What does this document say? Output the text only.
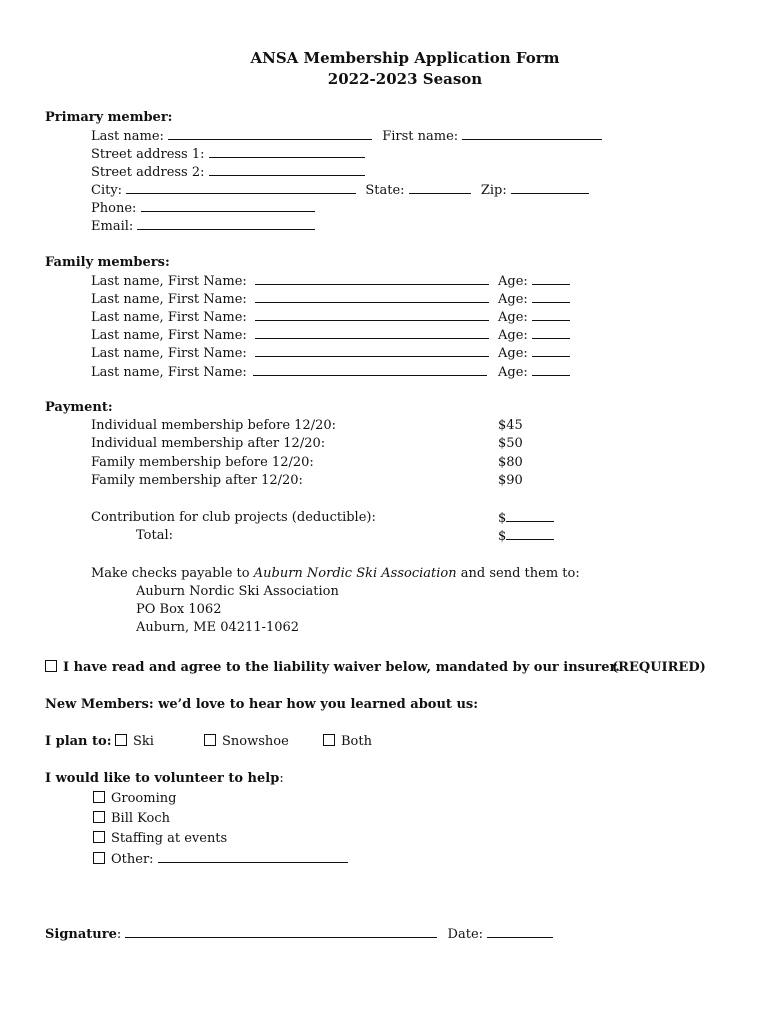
ANSA Membership Application Form
2022-2023 Season
Primary member:
Last name:	First name:
Street address 1:
Street address 2:
City:	State:	Zip:
Phone:
Email:
Family members:
Last name, First Name:	Age:
Last name, First Name:	Age:
Last name, First Name:	Age:
Last name, First Name:	Age:
Last name, First Name:	Age:
Last name, First Name:	Age:
Payment:
Individual membership before 12/20:	$45
Individual membership after 12/20:	$50
Family membership before 12/20:	$80
Family membership after 12/20:	$90
Contribution for club projects (deductible):	$
Total:	$
Make checks payable to Auburn Nordic Ski Association and send them to:
Auburn Nordic Ski Association
PO Box 1062
Auburn, ME 04211-1062
I have read and agree to the liability waiver below, mandated by our insurer.
(REQUIRED)
New Members: we’d love to hear how you learned about us:
I plan to:	Ski	Snowshoe	Both
I would like to volunteer to help:
Grooming
Bill Koch
Staffing at events
Other:
Signature:	Date:
